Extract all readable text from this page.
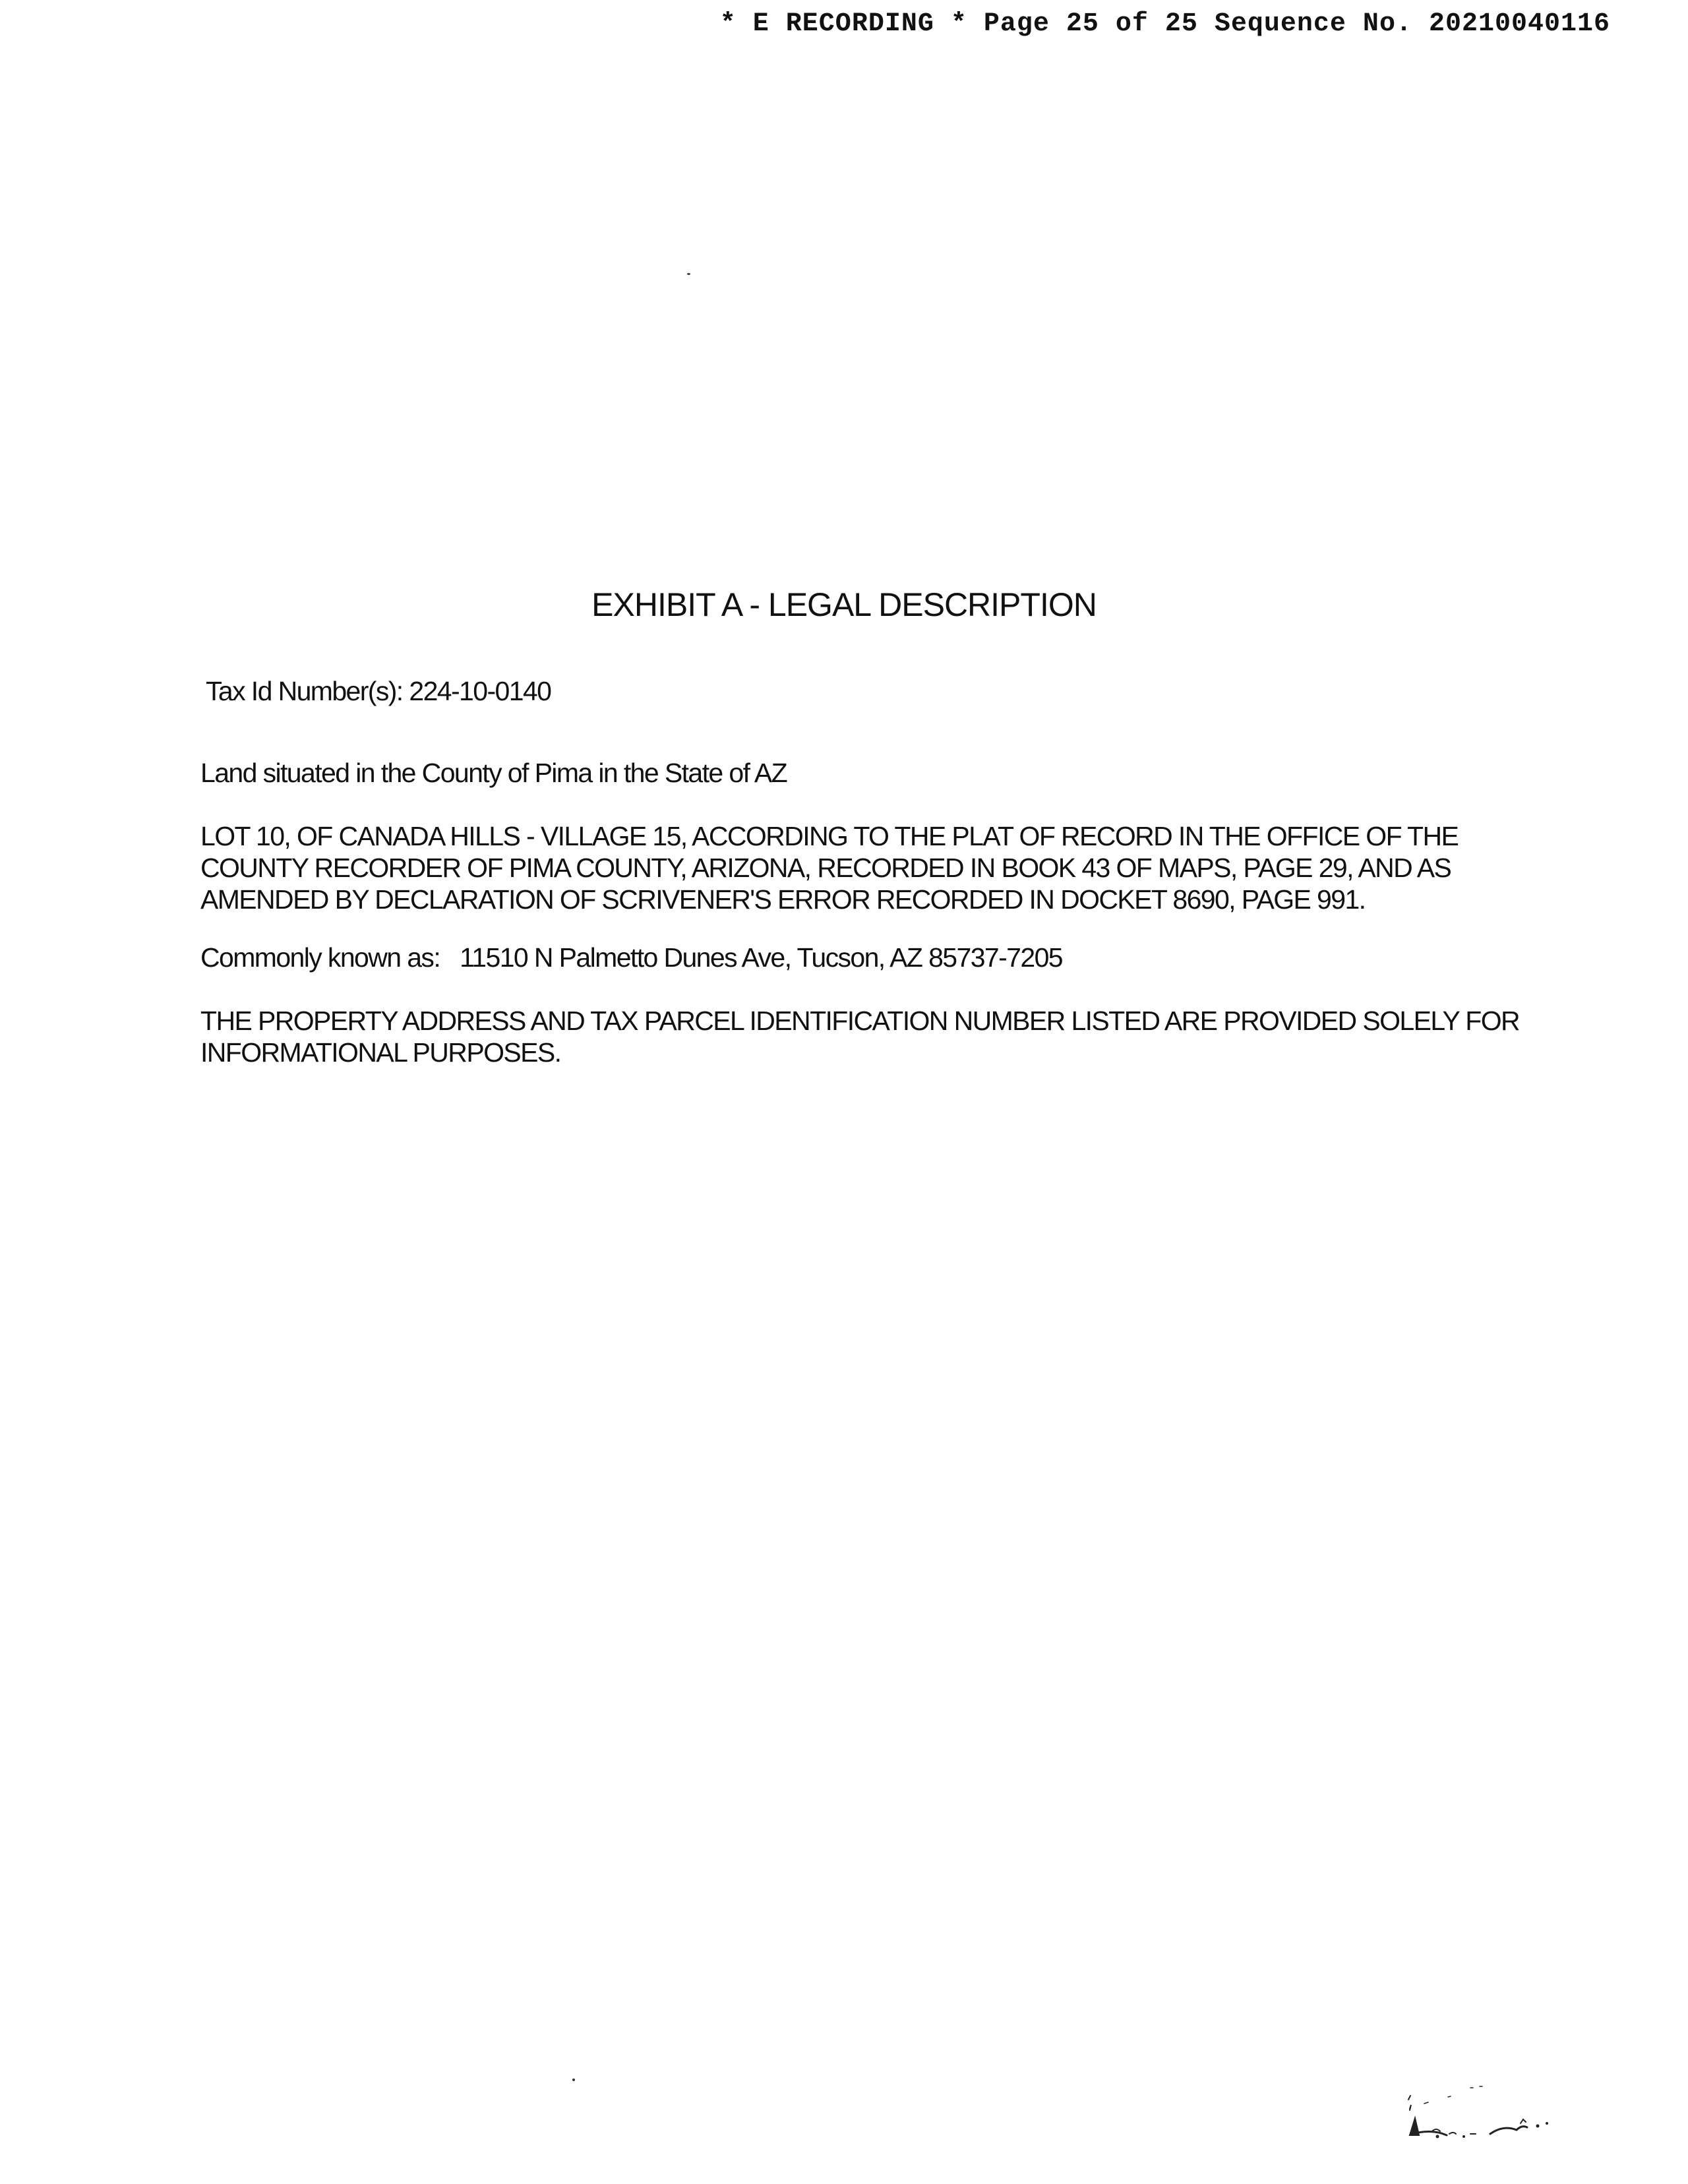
* E RECORDING * Page 25 of 25 Sequence No. 20210040116
EXHIBIT A - LEGAL DESCRIPTION
Tax Id Number(s): 224-10-0140
Land situated in the County of Pima in the State of AZ
LOT 10, OF CANADA HILLS - VILLAGE 15, ACCORDING TO THE PLAT OF RECORD IN THE OFFICE OF THE
COUNTY RECORDER OF PIMA COUNTY, ARIZONA, RECORDED IN BOOK 43 OF MAPS, PAGE 29, AND AS
AMENDED BY DECLARATION OF SCRIVENER'S ERROR RECORDED IN DOCKET 8690, PAGE 991.
Commonly known as: 11510 N Palmetto Dunes Ave, Tucson, AZ 85737-7205
THE PROPERTY ADDRESS AND TAX PARCEL IDENTIFICATION NUMBER LISTED ARE PROVIDED SOLELY FOR
INFORMATIONAL PURPOSES.
